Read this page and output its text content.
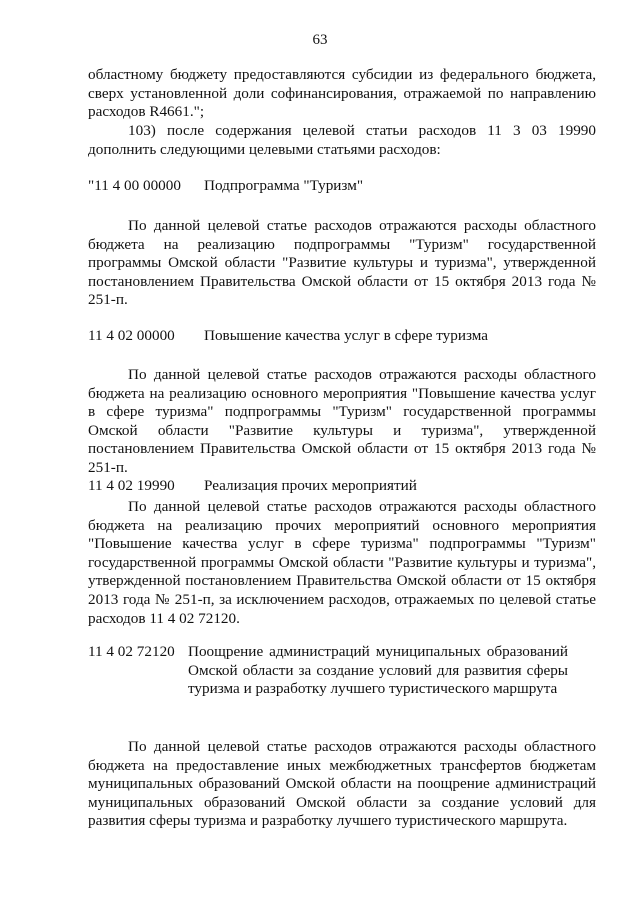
63
областному бюджету предоставляются субсидии из федерального бюджета, сверх установленной доли софинансирования, отражаемой по направлению расходов R4661.";
103) после содержания целевой статьи расходов 11 3 03 19990 дополнить следующими целевыми статьями расходов:
"11 4 00 00000 Подпрограмма "Туризм"
По данной целевой статье расходов отражаются расходы областного бюджета на реализацию подпрограммы "Туризм" государственной программы Омской области "Развитие культуры и туризма", утвержденной постановлением Правительства Омской области от 15 октября 2013 года № 251-п.
11 4 02 00000 Повышение качества услуг в сфере туризма
По данной целевой статье расходов отражаются расходы областного бюджета на реализацию основного мероприятия "Повышение качества услуг в сфере туризма" подпрограммы "Туризм" государственной программы Омской области "Развитие культуры и туризма", утвержденной постановлением Правительства Омской области от 15 октября 2013 года № 251-п.
11 4 02 19990 Реализация прочих мероприятий
По данной целевой статье расходов отражаются расходы областного бюджета на реализацию прочих мероприятий основного мероприятия "Повышение качества услуг в сфере туризма" подпрограммы "Туризм" государственной программы Омской области "Развитие культуры и туризма", утвержденной постановлением Правительства Омской области от 15 октября 2013 года № 251-п, за исключением расходов, отражаемых по целевой статье расходов 11 4 02 72120.
11 4 02 72120 Поощрение администраций муниципальных образований Омской области за создание условий для развития сферы туризма и разработку лучшего туристического маршрута
По данной целевой статье расходов отражаются расходы областного бюджета на предоставление иных межбюджетных трансфертов бюджетам муниципальных образований Омской области на поощрение администраций муниципальных образований Омской области за создание условий для развития сферы туризма и разработку лучшего туристического маршрута.
